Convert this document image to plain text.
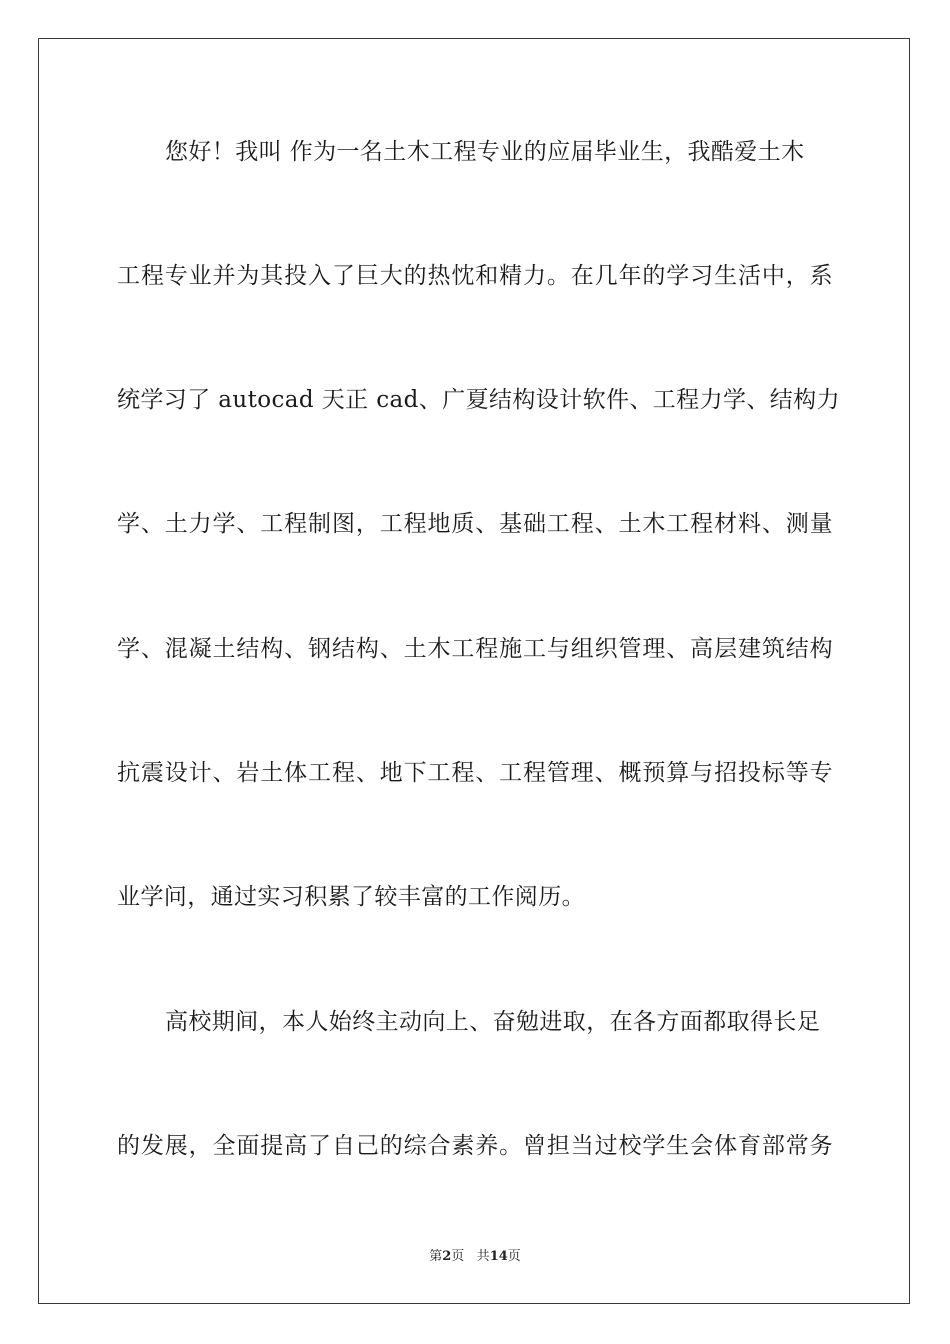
您好！我叫 作为一名土木工程专业的应届毕业生，我酷爱土木
工程专业并为其投入了巨大的热忱和精力。在几年的学习生活中，系
统学习了 autocad 天正 cad、广夏结构设计软件、工程力学、结构力
学、土力学、工程制图，工程地质、基础工程、土木工程材料、测量
学、混凝土结构、钢结构、土木工程施工与组织管理、高层建筑结构
抗震设计、岩土体工程、地下工程、工程管理、概预算与招投标等专
业学问，通过实习积累了较丰富的工作阅历。
高校期间，本人始终主动向上、奋勉进取，在各方面都取得长足
的发展，全面提高了自己的综合素养。曾担当过校学生会体育部常务
第2页 共14页
